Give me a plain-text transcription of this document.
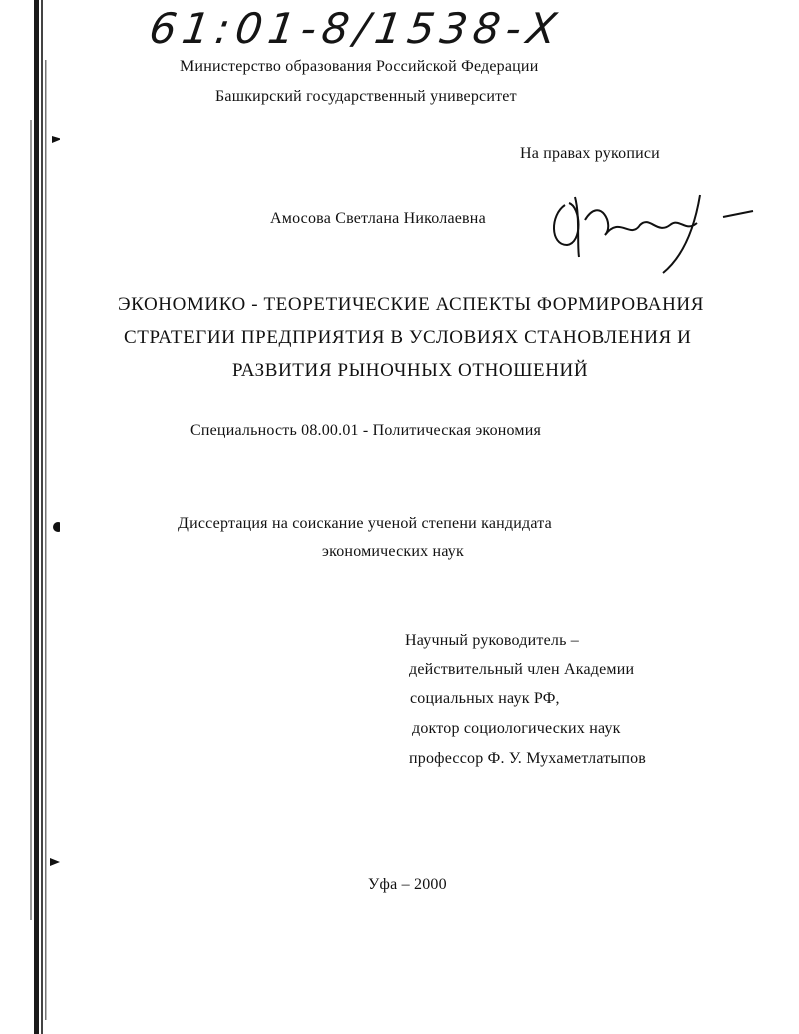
61:01-8/1538-Х
Министерство образования Российской Федерации
Башкирский государственный университет
На правах рукописи
Амосова Светлана Николаевна
ЭКОНОМИКО - ТЕОРЕТИЧЕСКИЕ АСПЕКТЫ ФОРМИРОВАНИЯ
СТРАТЕГИИ ПРЕДПРИЯТИЯ В УСЛОВИЯХ СТАНОВЛЕНИЯ И
РАЗВИТИЯ РЫНОЧНЫХ ОТНОШЕНИЙ
Специальность 08.00.01 - Политическая экономия
Диссертация на соискание ученой степени кандидата
экономических наук
Научный руководитель –
действительный член Академии
социальных наук РФ,
доктор социологических наук
профессор Ф. У. Мухаметлатыпов
Уфа – 2000
